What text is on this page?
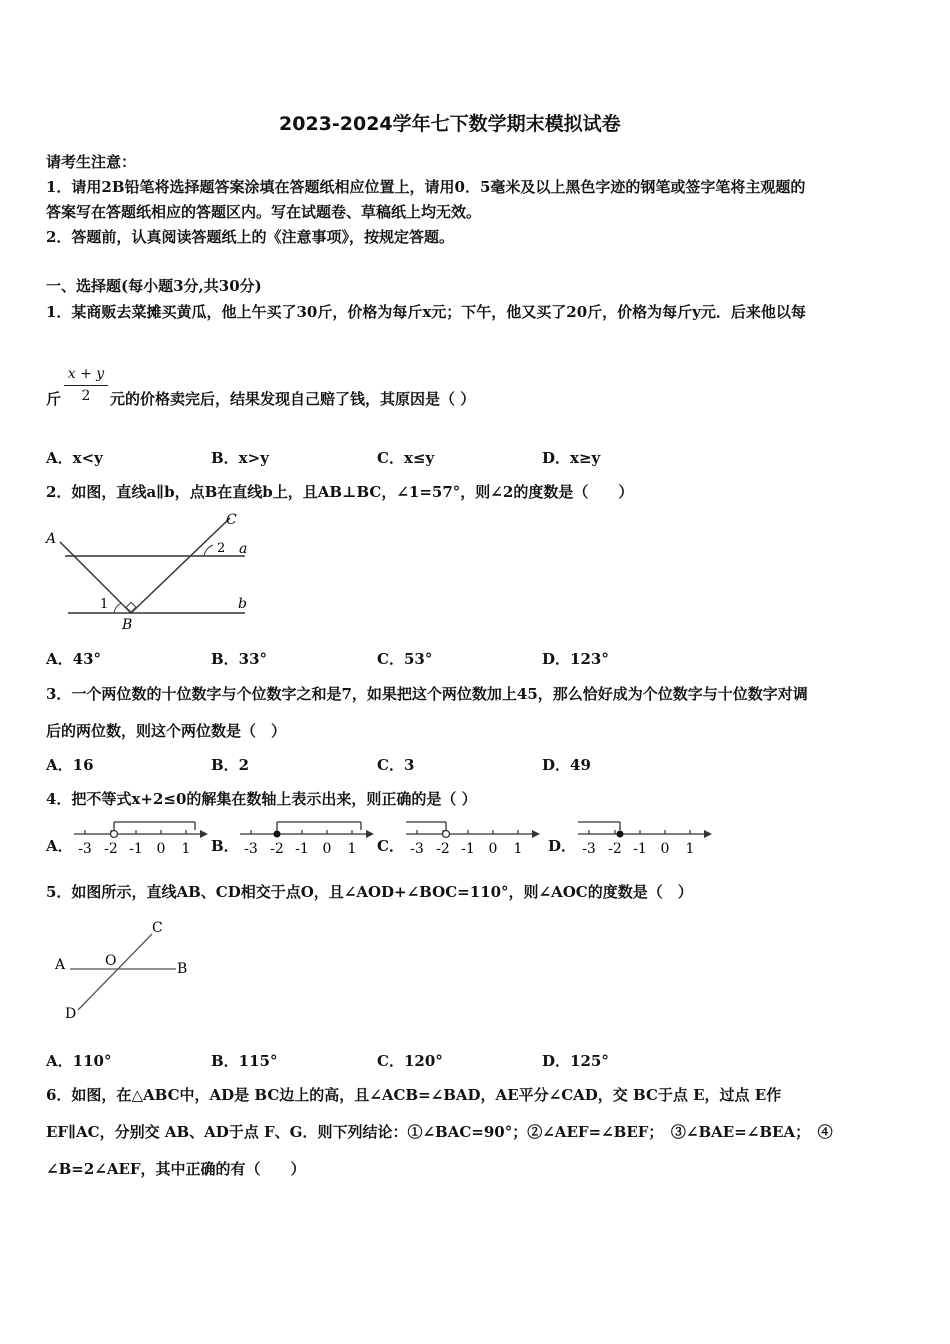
2023-2024学年七下数学期末模拟试卷
请考生注意：
1．请用2B铅笔将选择题答案涂填在答题纸相应位置上，请用0．5毫米及以上黑色字迹的钢笔或签字笔将主观题的
答案写在答题纸相应的答题区内。写在试题卷、草稿纸上均无效。
2．答题前，认真阅读答题纸上的《注意事项》，按规定答题。
一、选择题(每小题3分,共30分)
1．某商贩去菜摊买黄瓜，他上午买了30斤，价格为每斤x元；下午，他又买了20斤，价格为每斤y元．后来他以每
斤
x + y
2	元的价格卖完后，结果发现自己赔了钱，其原因是（ ）
A．x<y	B．x>y	C．x≤y	D．x≥y
2．如图，直线a∥b，点B在直线b上，且AB⊥BC，∠1=57°，则∠2的度数是（　　）
A
B
C
a
b
1
2
A．43°	B．33°	C．53°	D．123°
3．一个两位数的十位数字与个位数字之和是7，如果把这个两位数加上45，那么恰好成为个位数字与十位数字对调
后的两位数，则这个两位数是（　）
A．16	B．2	C．3	D．49
4．把不等式x+2≤0的解集在数轴上表示出来，则正确的是（ ）
A． -3 -2 -1 0 1 B． -3 -2 -1 0 1 C． -3 -2 -1 0 1 D． -3 -2 -1 0 1
5．如图所示，直线AB、CD相交于点O，且∠AOD+∠BOC=110°，则∠AOC的度数是（　）
A	B
C
D
O
A．110°	B．115°	C．120°	D．125°
6．如图，在△ABC中，AD是 BC边上的高，且∠ACB=∠BAD，AE平分∠CAD，交 BC于点 E，过点 E作
EF∥AC，分别交 AB、AD于点 F、G．则下列结论：①∠BAC=90°；②∠AEF=∠BEF；　③∠BAE=∠BEA；　④
∠B=2∠AEF，其中正确的有（　　）
